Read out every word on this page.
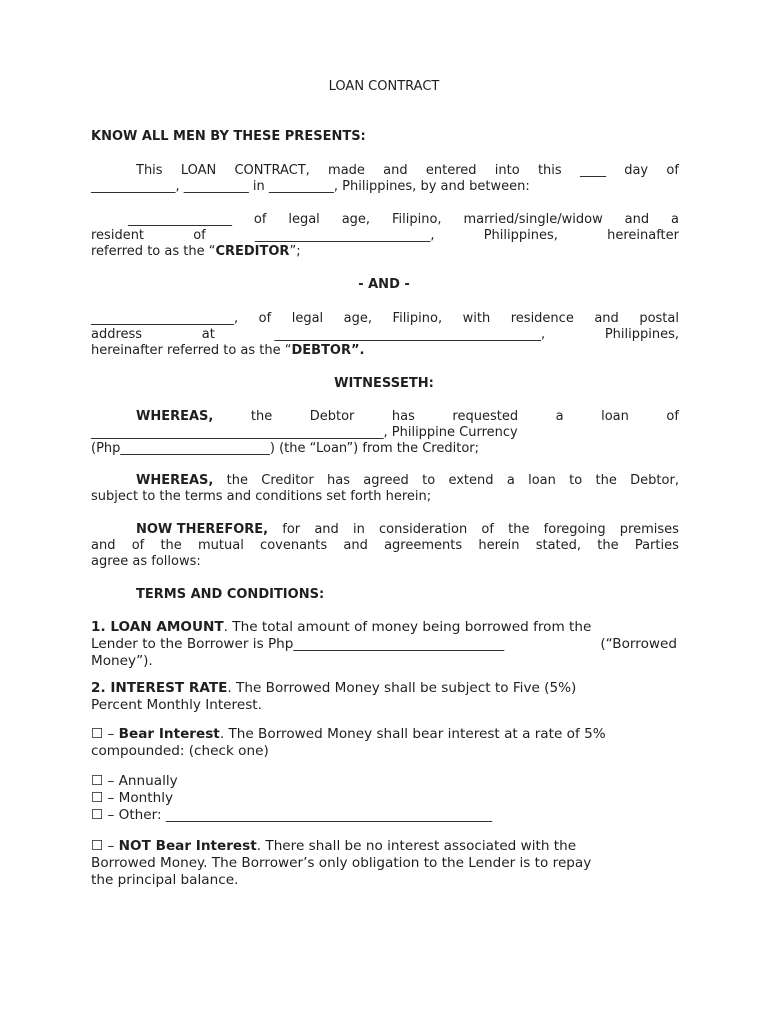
LOAN CONTRACT
KNOW ALL MEN BY THESE PRESENTS:
This LOAN CONTRACT, made and entered into this ____ day of
_____________, __________ in __________, Philippines, by and between:
________________ of legal age, Filipino, married/single/widow and a
resident	of	___________________________,	Philippines,	hereinafter
referred to as the “CREDITOR”;
- AND -
______________________, of legal age, Filipino, with residence and postal
address	at	_________________________________________,	Philippines,
hereinafter referred to as the “DEBTOR”.
WITNESSETH:
WHEREAS,	the	Debtor	has	requested	a	loan	of
_____________________________________________, Philippine Currency
(Php_______________________) (the “Loan”) from the Creditor;
WHEREAS, the Creditor has agreed to extend a loan to the Debtor,
subject to the terms and conditions set forth herein;
NOW THEREFORE, for and in consideration of the foregoing premises
and of the mutual covenants and agreements herein stated, the Parties
agree as follows:
TERMS AND CONDITIONS:
1. LOAN AMOUNT. The total amount of money being borrowed from the
Lender to the Borrower is Php_______________________________	(“Borrowed
Money”).
2. INTEREST RATE. The Borrowed Money shall be subject to Five (5%)
Percent Monthly Interest.
☐ – Bear Interest. The Borrowed Money shall bear interest at a rate of 5%
compounded: (check one)
☐ – Annually
☐ – Monthly
☐ – Other: ________________________________________________
☐ – NOT Bear Interest. There shall be no interest associated with the
Borrowed Money. The Borrower’s only obligation to the Lender is to repay
the principal balance.
